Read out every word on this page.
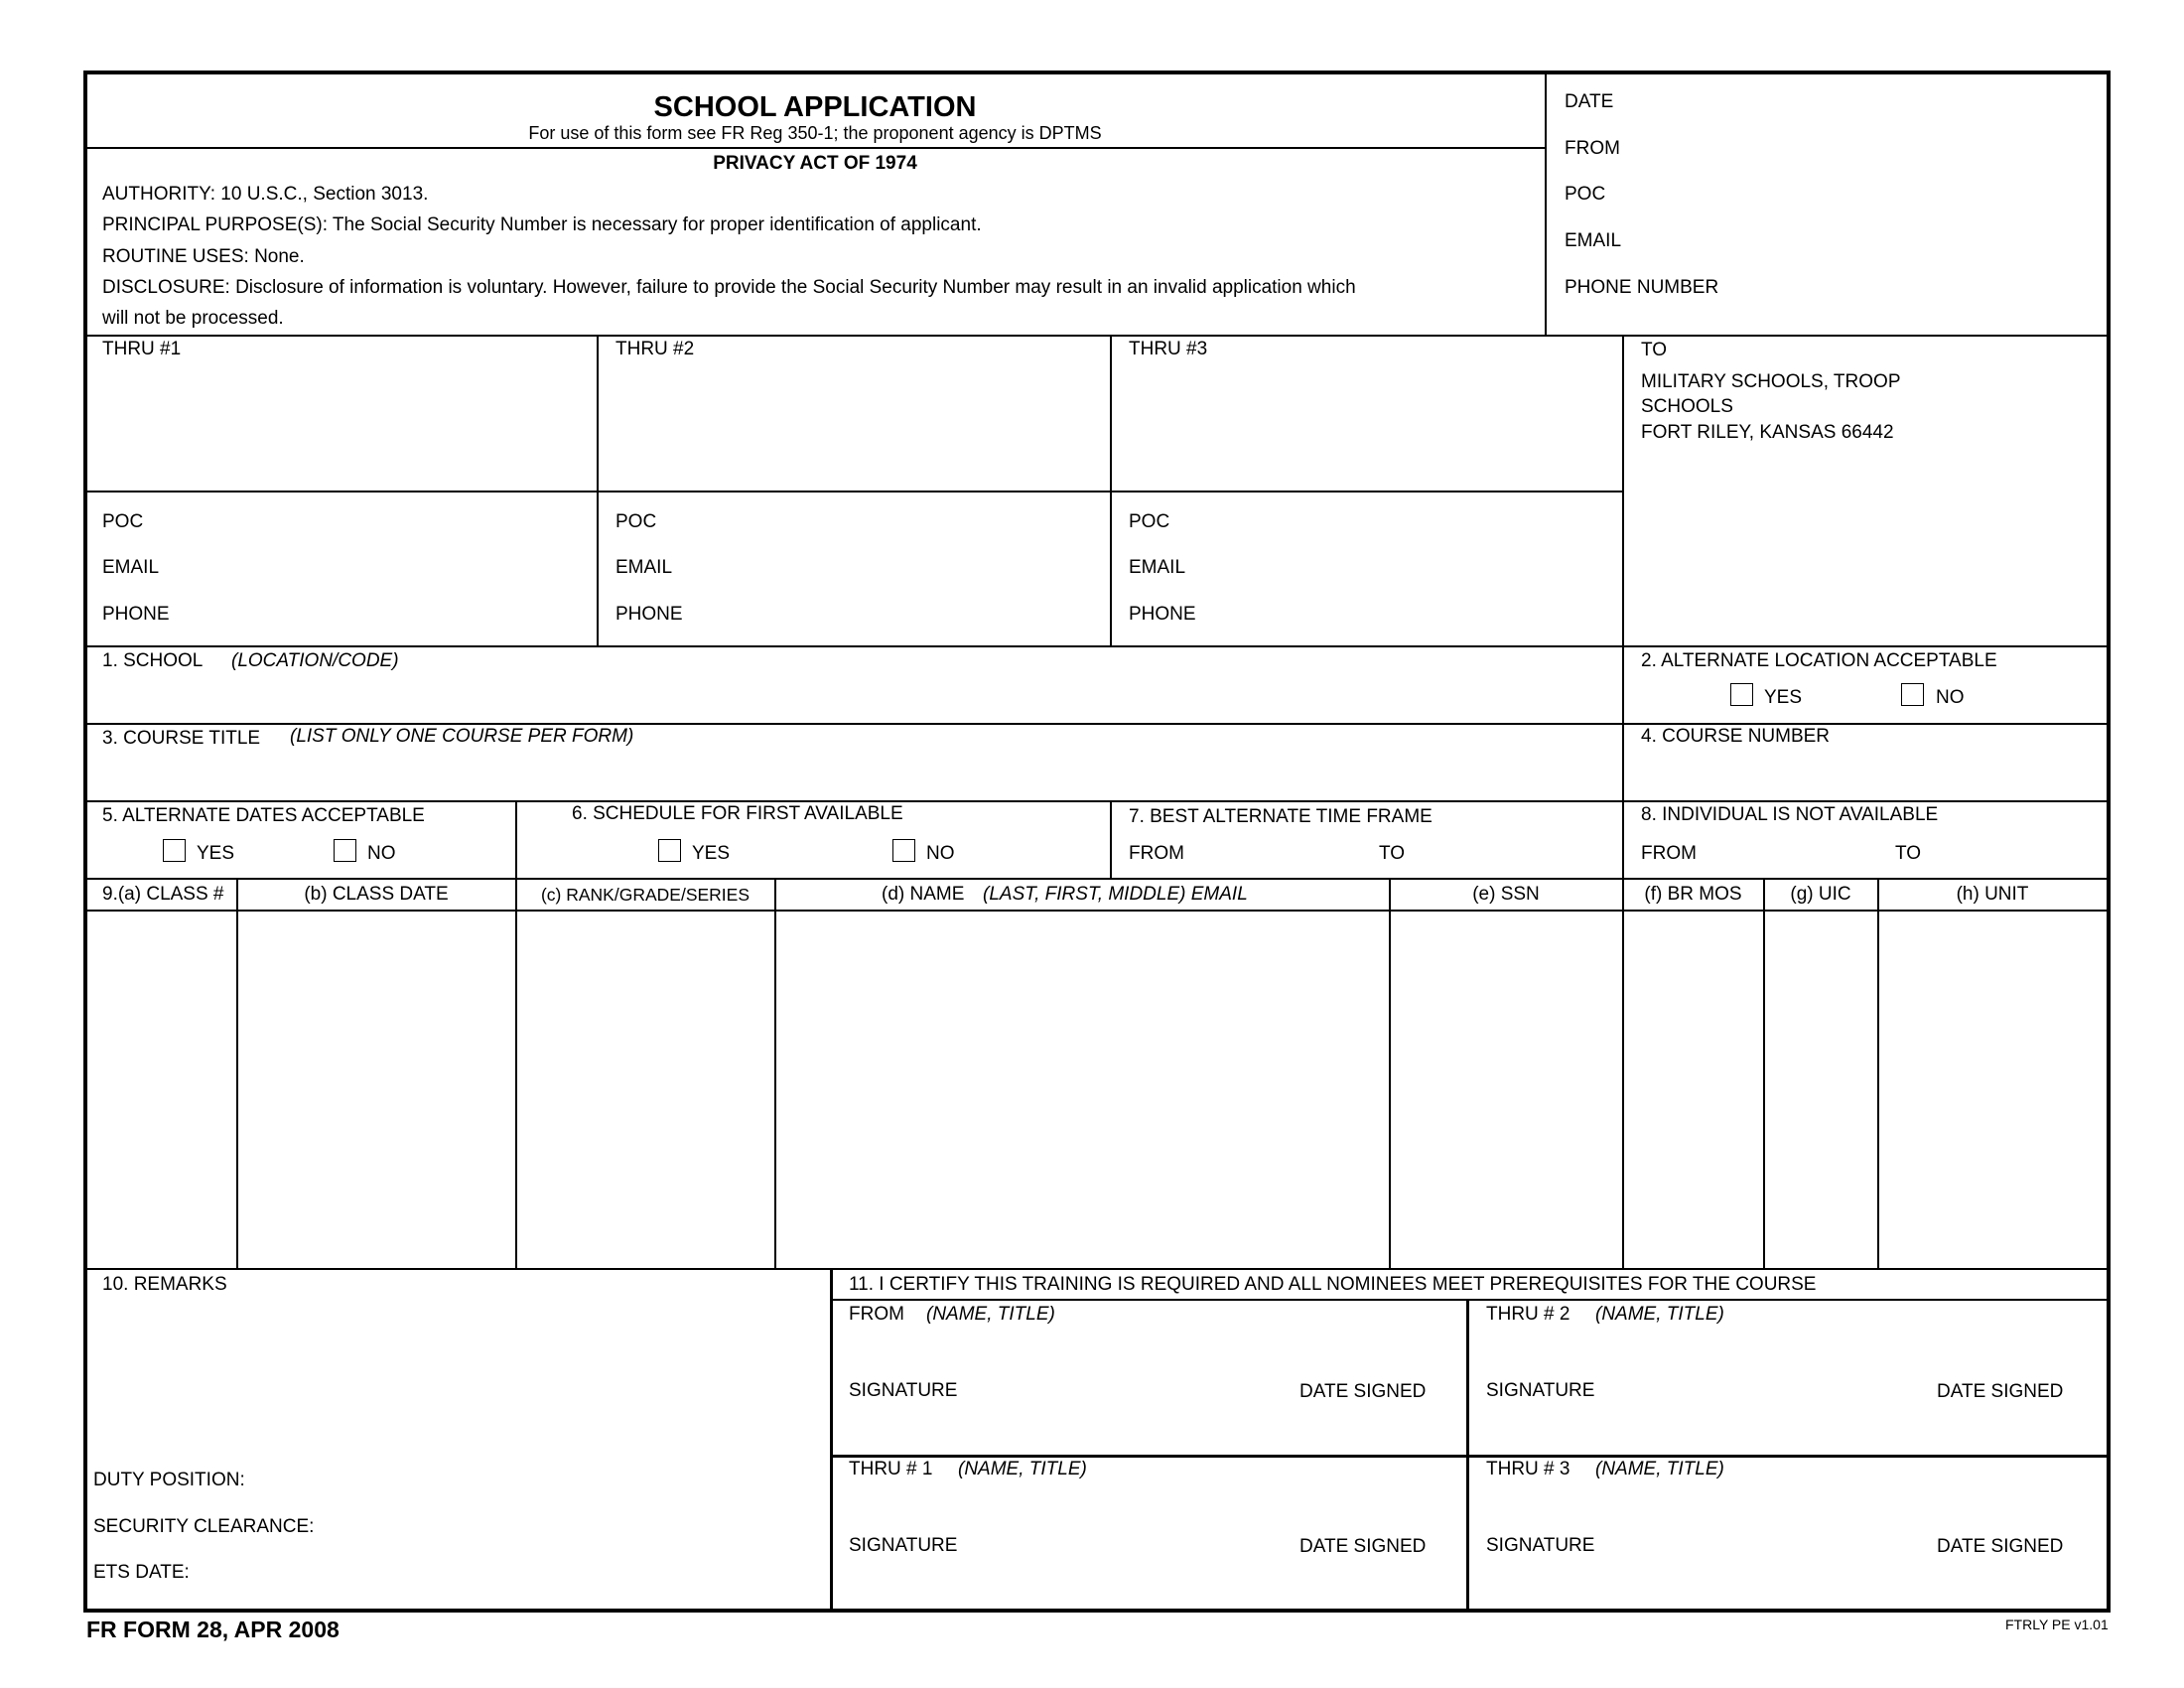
SCHOOL APPLICATION
For use of this form see FR Reg 350-1; the proponent agency is DPTMS
PRIVACY ACT OF 1974
AUTHORITY: 10 U.S.C., Section 3013.
PRINCIPAL PURPOSE(S): The Social Security Number is necessary for proper identification of applicant.
ROUTINE USES: None.
DISCLOSURE: Disclosure of information is voluntary. However, failure to provide the Social Security Number may result in an invalid application which
will not be processed.
DATE
FROM
POC
EMAIL
PHONE NUMBER
THRU #1	THRU #2	THRU #3
POC
EMAIL
PHONE
POC
EMAIL
PHONE
POC
EMAIL
PHONE
TO
MILITARY SCHOOLS, TROOP
SCHOOLS
FORT RILEY, KANSAS 66442
1. SCHOOL (LOCATION/CODE)	2. ALTERNATE LOCATION ACCEPTABLE
YES	NO
3. COURSE TITLE (LIST ONLY ONE COURSE PER FORM)	4. COURSE NUMBER
5. ALTERNATE DATES ACCEPTABLE
YES	NO
6. SCHEDULE FOR FIRST AVAILABLE
YES	NO
7. BEST ALTERNATE TIME FRAME
FROM	TO
8. INDIVIDUAL IS NOT AVAILABLE
FROM	TO
9.(a) CLASS #	(b) CLASS DATE	(c) RANK/GRADE/SERIES	(d) NAME (LAST, FIRST, MIDDLE) EMAIL	(e) SSN	(f) BR MOS	(g) UIC	(h) UNIT
10. REMARKS
DUTY POSITION:
SECURITY CLEARANCE:
ETS DATE:
11. I CERTIFY THIS TRAINING IS REQUIRED AND ALL NOMINEES MEET PREREQUISITES FOR THE COURSE
FROM (NAME, TITLE)
SIGNATURE	DATE SIGNED
THRU # 2 (NAME, TITLE)
SIGNATURE	DATE SIGNED
THRU # 1 (NAME, TITLE)
SIGNATURE	DATE SIGNED
THRU # 3 (NAME, TITLE)
SIGNATURE	DATE SIGNED
FR FORM 28, APR 2008	FTRLY PE v1.01
